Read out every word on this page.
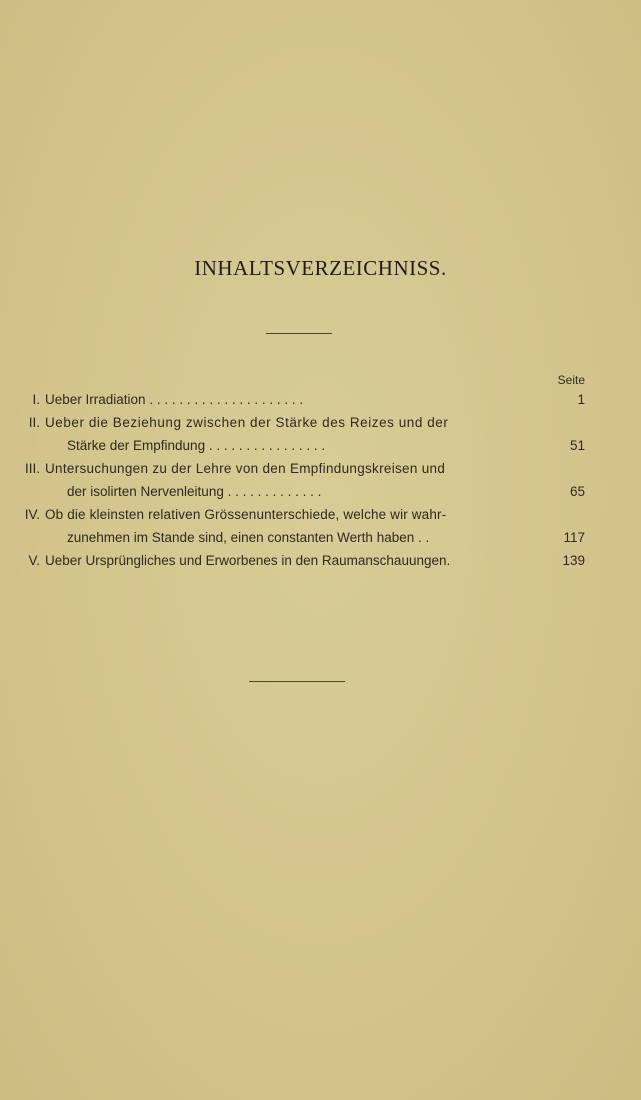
INHALTSVERZEICHNISS.
Seite
I. Ueber Irradiation . . . . . . . . . . . . . . . . . . . . .	1
II. Ueber die Beziehung zwischen der Stärke des Reizes und der
Stärke der Empfindung . . . . . . . . . . . . . . . .	51
III. Untersuchungen zu der Lehre von den Empfindungskreisen und
der isolirten Nervenleitung . . . . . . . . . . . . .	65
IV. Ob die kleinsten relativen Grössenunterschiede, welche wir wahr-
zunehmen im Stande sind, einen constanten Werth haben . .	117
V. Ueber Ursprüngliches und Erworbenes in den Raumanschauungen.	139
